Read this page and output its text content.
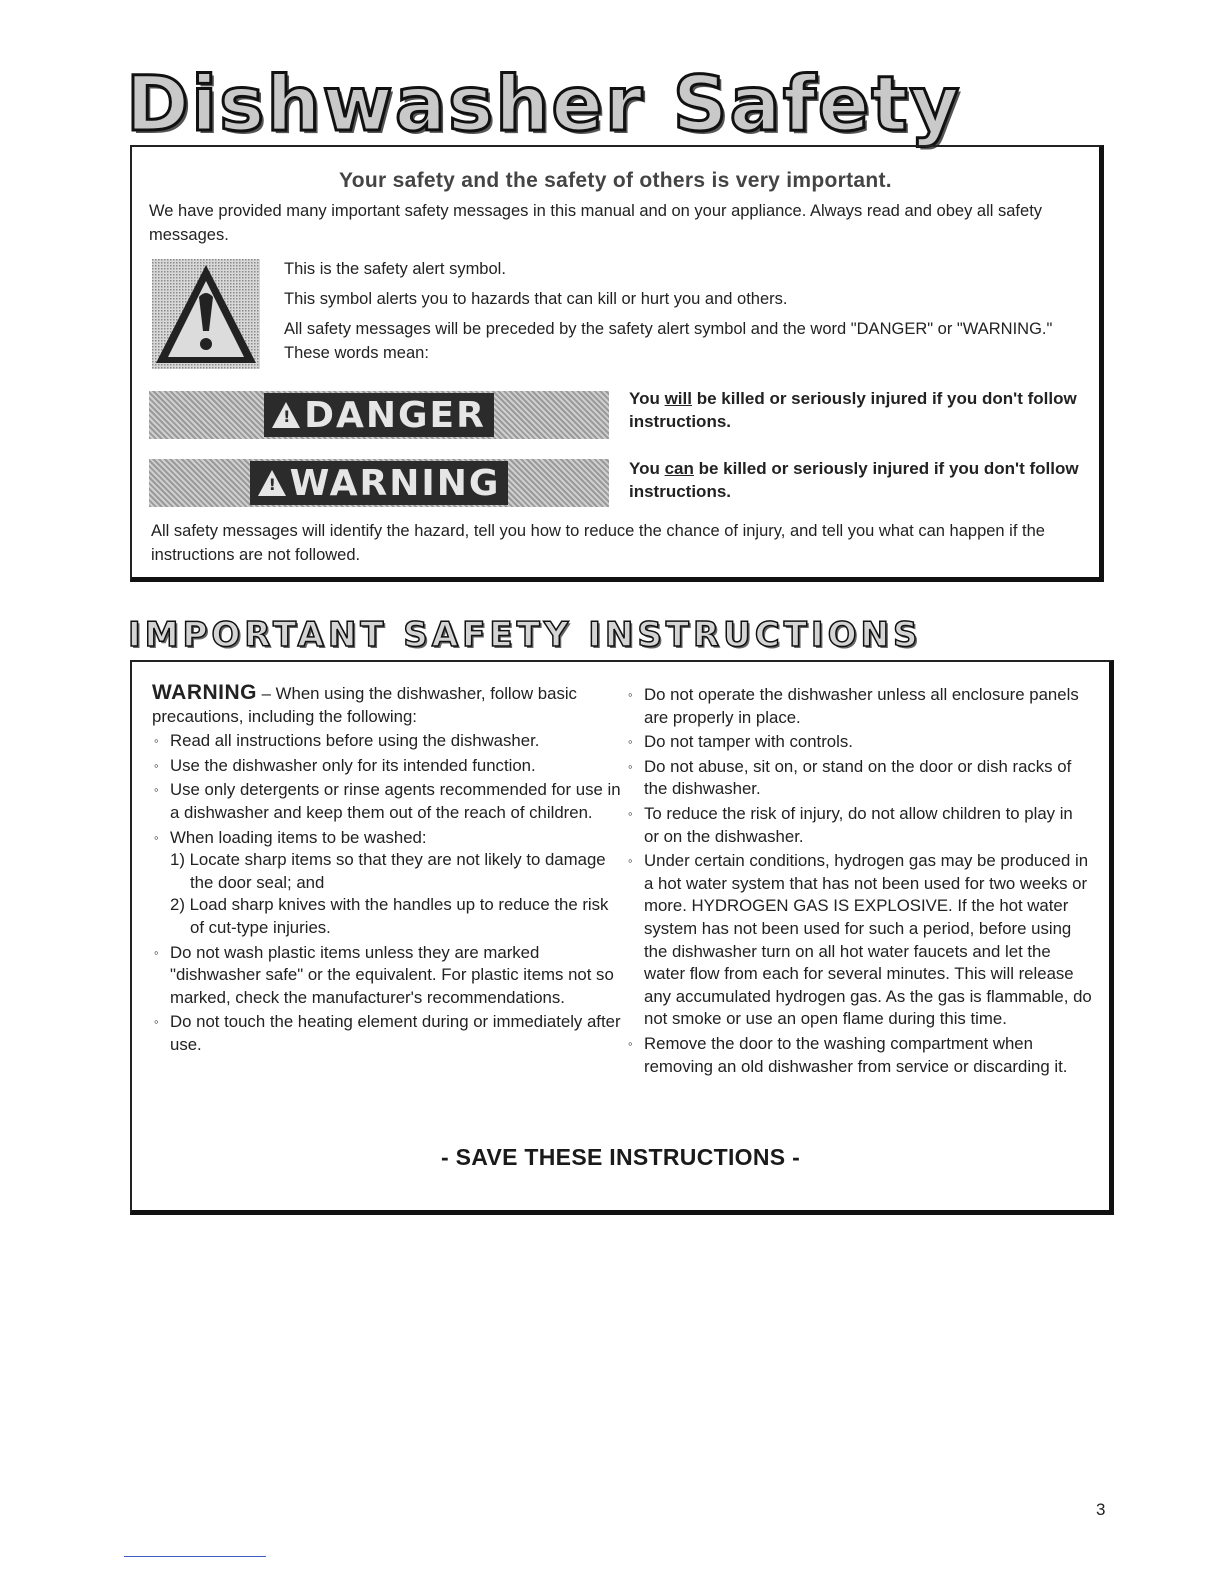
Dishwasher Safety
Your safety and the safety of others is very important.
We have provided many important safety messages in this manual and on your appliance. Always read and obey all safety messages.

This is the safety alert symbol.

This symbol alerts you to hazards that can kill or hurt you and others.

All safety messages will be preceded by the safety alert symbol and the word "DANGER" or "WARNING." These words mean:

! DANGER	You will be killed or seriously injured if you don't follow instructions.
! WARNING	You can be killed or seriously injured if you don't follow instructions.
All safety messages will identify the hazard, tell you how to reduce the chance of injury, and tell you what can happen if the instructions are not followed.
IMPORTANT SAFETY INSTRUCTIONS
WARNING – When using the dishwasher, follow basic precautions, including the following:
◦ Read all instructions before using the dishwasher.
◦ Use the dishwasher only for its intended function.
◦ Use only detergents or rinse agents recommended for use in a dishwasher and keep them out of the reach of children.
◦ When loading items to be washed:
1) Locate sharp items so that they are not likely to damage the door seal; and
2) Load sharp knives with the handles up to reduce the risk of cut-type injuries.
◦ Do not wash plastic items unless they are marked "dishwasher safe" or the equivalent. For plastic items not so marked, check the manufacturer's recommendations.
◦ Do not touch the heating element during or immediately after use.
◦ Do not operate the dishwasher unless all enclosure panels are properly in place.
◦ Do not tamper with controls.
◦ Do not abuse, sit on, or stand on the door or dish racks of the dishwasher.
◦ To reduce the risk of injury, do not allow children to play in or on the dishwasher.
◦ Under certain conditions, hydrogen gas may be produced in a hot water system that has not been used for two weeks or more. HYDROGEN GAS IS EXPLOSIVE. If the hot water system has not been used for such a period, before using the dishwasher turn on all hot water faucets and let the water flow from each for several minutes. This will release any accumulated hydrogen gas. As the gas is flammable, do not smoke or use an open flame during this time.
◦ Remove the door to the washing compartment when removing an old dishwasher from service or discarding it.
- SAVE THESE INSTRUCTIONS -
3
